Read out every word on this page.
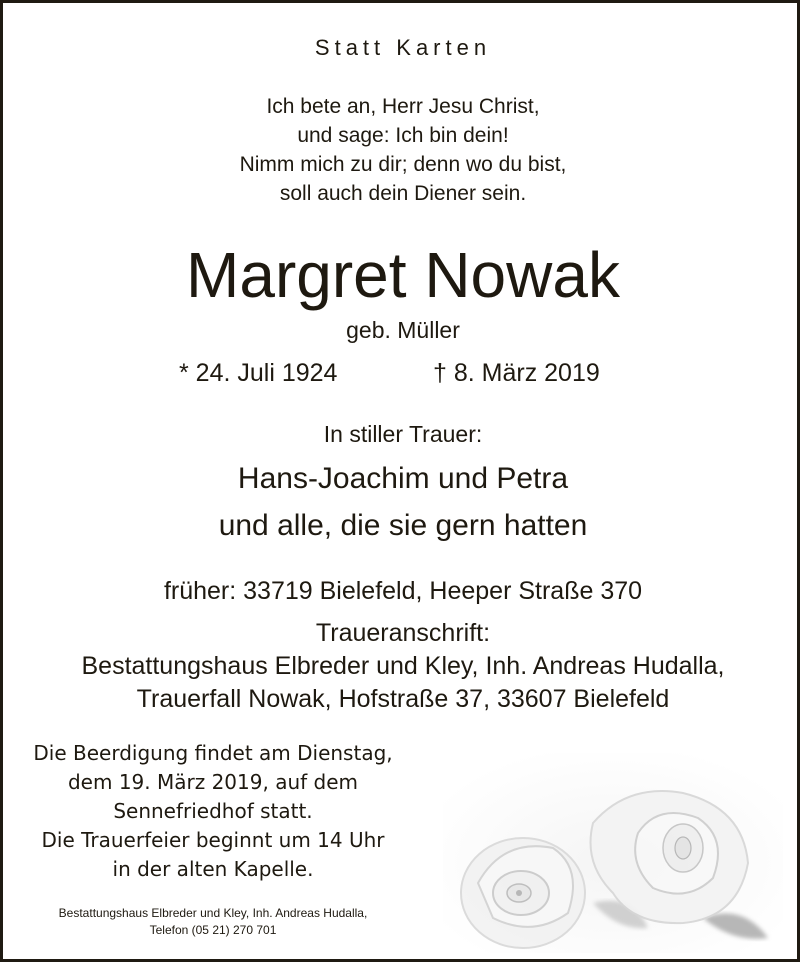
Statt Karten
Ich bete an, Herr Jesu Christ,
und sage: Ich bin dein!
Nimm mich zu dir; denn wo du bist,
soll auch dein Diener sein.
Margret Nowak
geb. Müller
* 24. Juli 1924	† 8. März 2019
In stiller Trauer:
Hans-Joachim und Petra
und alle, die sie gern hatten
früher: 33719 Bielefeld, Heeper Straße 370
Traueranschrift:
Bestattungshaus Elbreder und Kley, Inh. Andreas Hudalla,
Trauerfall Nowak, Hofstraße 37, 33607 Bielefeld
Die Beerdigung findet am Dienstag,
dem 19. März 2019, auf dem
Sennefriedhof statt.
Die Trauerfeier beginnt um 14 Uhr
in der alten Kapelle.
Bestattungshaus Elbreder und Kley, Inh. Andreas Hudalla,
Telefon (05 21) 270 701
